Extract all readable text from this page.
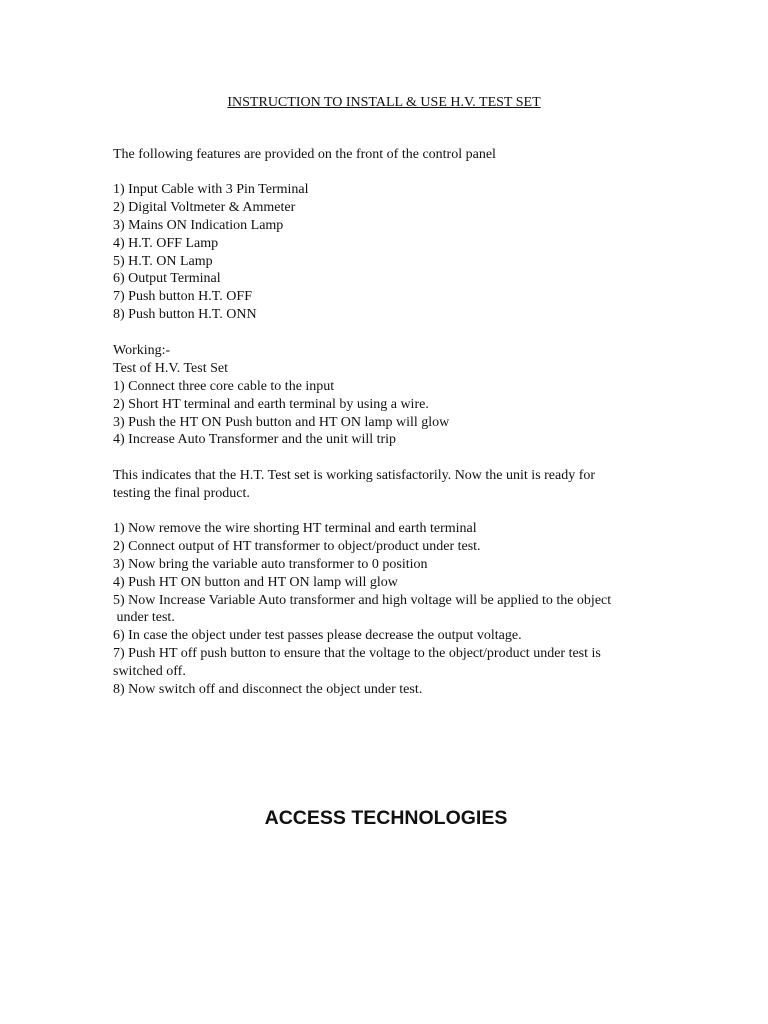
INSTRUCTION TO INSTALL & USE H.V. TEST SET
The following features are provided on the front of the control panel
1) Input Cable with 3 Pin Terminal
2) Digital Voltmeter & Ammeter
3) Mains ON Indication Lamp
4) H.T. OFF Lamp
5) H.T. ON Lamp
6) Output Terminal
7) Push button H.T. OFF
8) Push button H.T. ONN
Working:-
Test of H.V. Test Set
1) Connect three core cable to the input
2) Short HT terminal and earth terminal by using a wire.
3) Push the HT ON Push button and HT ON lamp will glow
4) Increase Auto Transformer and the unit will trip
This indicates that the H.T. Test set is working satisfactorily. Now the unit is ready for
testing the final product.
1) Now remove the wire shorting HT terminal and earth terminal
2) Connect output of HT transformer to object/product under test.
3) Now bring the variable auto transformer to 0 position
4) Push HT ON button and HT ON lamp will glow
5) Now Increase Variable Auto transformer and high voltage will be applied to the object
under test.
6) In case the object under test passes please decrease the output voltage.
7) Push HT off push button to ensure that the voltage to the object/product under test is
switched off.
8) Now switch off and disconnect the object under test.
ACCESS TECHNOLOGIES
